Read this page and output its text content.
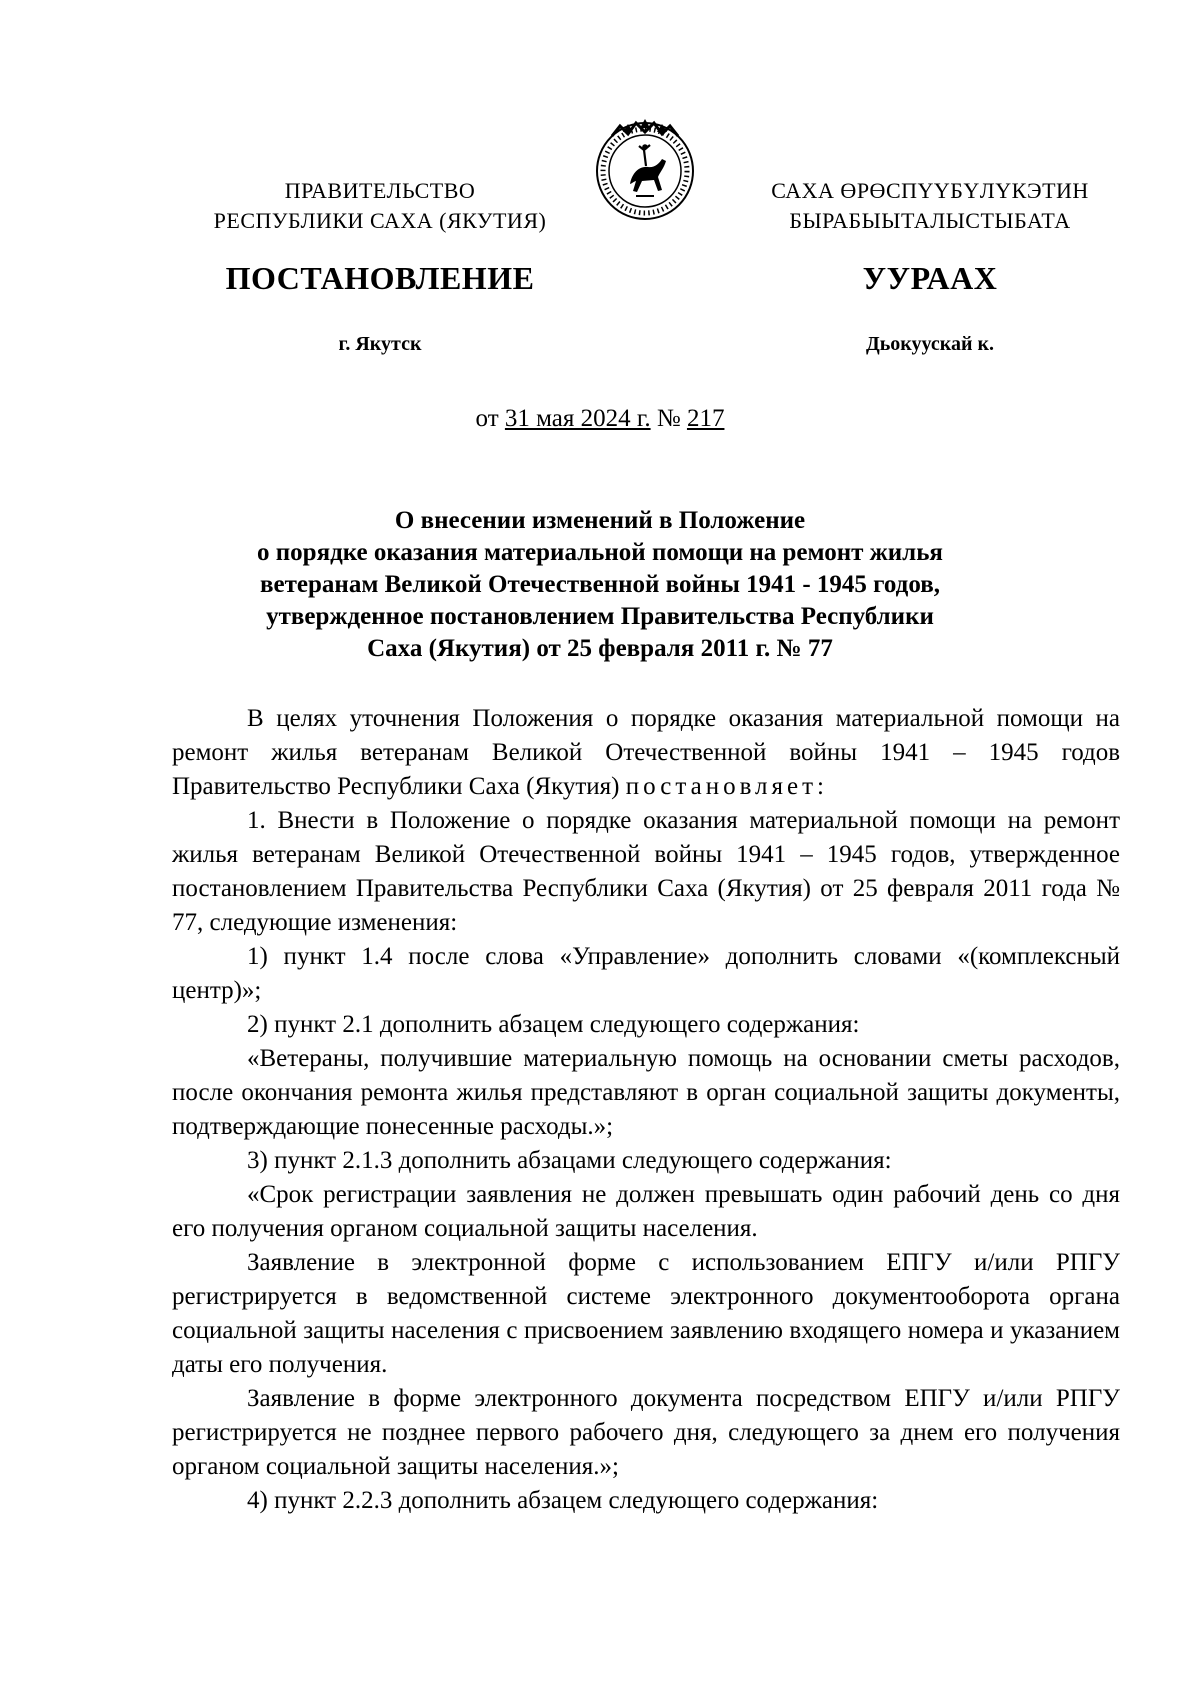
ПРАВИТЕЛЬСТВО
РЕСПУБЛИКИ САХА (ЯКУТИЯ)
САХА ӨРӨСПҮҮБҮЛҮКЭТИН
БЫРАБЫЫТАЛЫСТЫБАТА
ПОСТАНОВЛЕНИЕ	УУРААХ
г. Якутск	Дьокуускай к.
от 31 мая 2024 г. № 217
О внесении изменений в Положение
о порядке оказания материальной помощи на ремонт жилья
ветеранам Великой Отечественной войны 1941 - 1945 годов,
утвержденное постановлением Правительства Республики
Саха (Якутия) от 25 февраля 2011 г. № 77

В целях уточнения Положения о порядке оказания материальной помощи на ремонт жилья ветеранам Великой Отечественной войны 1941 – 1945 годов Правительство Республики Саха (Якутия) постановляет:

1. Внести в Положение о порядке оказания материальной помощи на ремонт жилья ветеранам Великой Отечественной войны 1941 – 1945 годов, утвержденное постановлением Правительства Республики Саха (Якутия) от 25 февраля 2011 года № 77, следующие изменения:

1) пункт 1.4 после слова «Управление» дополнить словами «(комплексный центр)»;

2) пункт 2.1 дополнить абзацем следующего содержания:

«Ветераны, получившие материальную помощь на основании сметы расходов, после окончания ремонта жилья представляют в орган социальной защиты документы, подтверждающие понесенные расходы.»;

3) пункт 2.1.3 дополнить абзацами следующего содержания:

«Срок регистрации заявления не должен превышать один рабочий день со дня его получения органом социальной защиты населения.

Заявление в электронной форме с использованием ЕПГУ и/или РПГУ регистрируется в ведомственной системе электронного документооборота органа социальной защиты населения с присвоением заявлению входящего номера и указанием даты его получения.

Заявление в форме электронного документа посредством ЕПГУ и/или РПГУ регистрируется не позднее первого рабочего дня, следующего за днем его получения органом социальной защиты населения.»;

4) пункт 2.2.3 дополнить абзацем следующего содержания:
